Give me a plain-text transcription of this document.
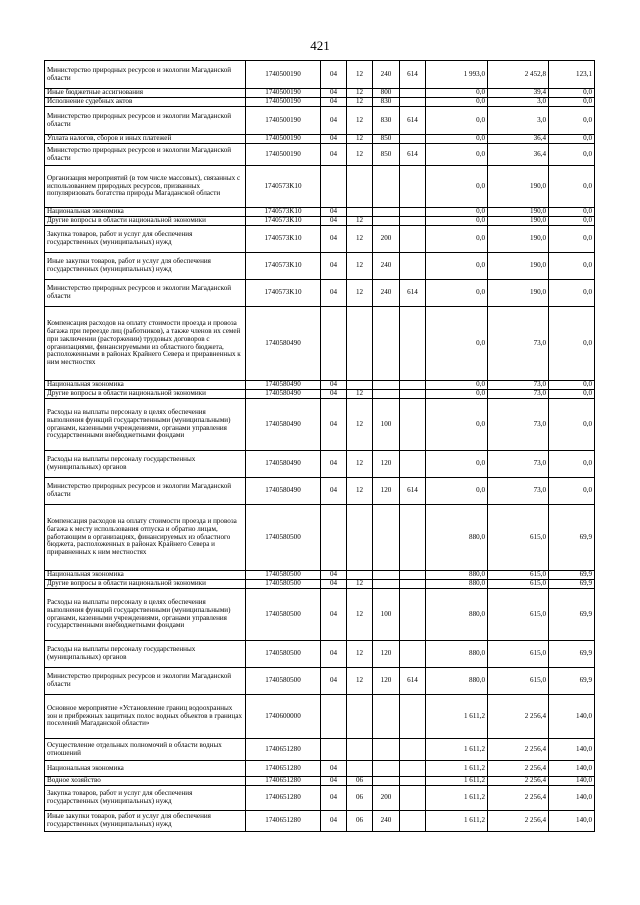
421
Министерство природных ресурсов и экологии Магаданской области	1740500190	04	12	240	614	1 993,0	2 452,8	123,1
Иные бюджетные ассигнования	1740500190	04	12	800		0,0	39,4	0,0
Исполнение судебных актов	1740500190	04	12	830		0,0	3,0	0,0
Министерство природных ресурсов и экологии Магаданской области	1740500190	04	12	830	614	0,0	3,0	0,0
Уплата налогов, сборов и иных платежей	1740500190	04	12	850		0,0	36,4	0,0
Министерство природных ресурсов и экологии Магаданской области	1740500190	04	12	850	614	0,0	36,4	0,0
Организация мероприятий (в том числе массовых), связанных с использованием природных ресурсов, призванных популяризовать богатства природы Магаданской области	1740573K10					0,0	190,0	0,0
Национальная экономика	1740573K10	04				0,0	190,0	0,0
Другие вопросы в области национальной экономики	1740573K10	04	12			0,0	190,0	0,0
Закупка товаров, работ и услуг для обеспечения государственных (муниципальных) нужд	1740573K10	04	12	200		0,0	190,0	0,0
Иные закупки товаров, работ и услуг для обеспечения государственных (муниципальных) нужд	1740573K10	04	12	240		0,0	190,0	0,0
Министерство природных ресурсов и экологии Магаданской области	1740573K10	04	12	240	614	0,0	190,0	0,0
Компенсация расходов на оплату стоимости проезда и провоза багажа при переезде лиц (работников), а также членов их семей при заключении (расторжении) трудовых договоров с организациями, финансируемыми из областного бюджета, расположенными в районах Крайнего Севера и приравненных к ним местностях	1740580490					0,0	73,0	0,0
Национальная экономика	1740580490	04				0,0	73,0	0,0
Другие вопросы в области национальной экономики	1740580490	04	12			0,0	73,0	0,0
Расходы на выплаты персоналу в целях обеспечения выполнения функций государственными (муниципальными) органами, казенными учреждениями, органами управления государственными внебюджетными фондами	1740580490	04	12	100		0,0	73,0	0,0
Расходы на выплаты персоналу государственных (муниципальных) органов	1740580490	04	12	120		0,0	73,0	0,0
Министерство природных ресурсов и экологии Магаданской области	1740580490	04	12	120	614	0,0	73,0	0,0
Компенсация расходов на оплату стоимости проезда и провоза багажа к месту использования отпуска и обратно лицам, работающим в организациях, финансируемых из областного бюджета, расположенных в районах Крайнего Севера и приравненных к ним местностях	1740580500					880,0	615,0	69,9
Национальная экономика	1740580500	04				880,0	615,0	69,9
Другие вопросы в области национальной экономики	1740580500	04	12			880,0	615,0	69,9
Расходы на выплаты персоналу в целях обеспечения выполнения функций государственными (муниципальными) органами, казенными учреждениями, органами управления государственными внебюджетными фондами	1740580500	04	12	100		880,0	615,0	69,9
Расходы на выплаты персоналу государственных (муниципальных) органов	1740580500	04	12	120		880,0	615,0	69,9
Министерство природных ресурсов и экологии Магаданской области	1740580500	04	12	120	614	880,0	615,0	69,9
Основное мероприятие «Установление границ водоохранных зон и прибрежных защитных полос водных объектов в границах поселений Магаданской области»	1740600000					1 611,2	2 256,4	140,0
Осуществление отдельных полномочий в области водных отношений	1740651280					1 611,2	2 256,4	140,0
Национальная экономика	1740651280	04				1 611,2	2 256,4	140,0
Водное хозяйство	1740651280	04	06			1 611,2	2 256,4	140,0
Закупка товаров, работ и услуг для обеспечения государственных (муниципальных) нужд	1740651280	04	06	200		1 611,2	2 256,4	140,0
Иные закупки товаров, работ и услуг для обеспечения государственных (муниципальных) нужд	1740651280	04	06	240		1 611,2	2 256,4	140,0
